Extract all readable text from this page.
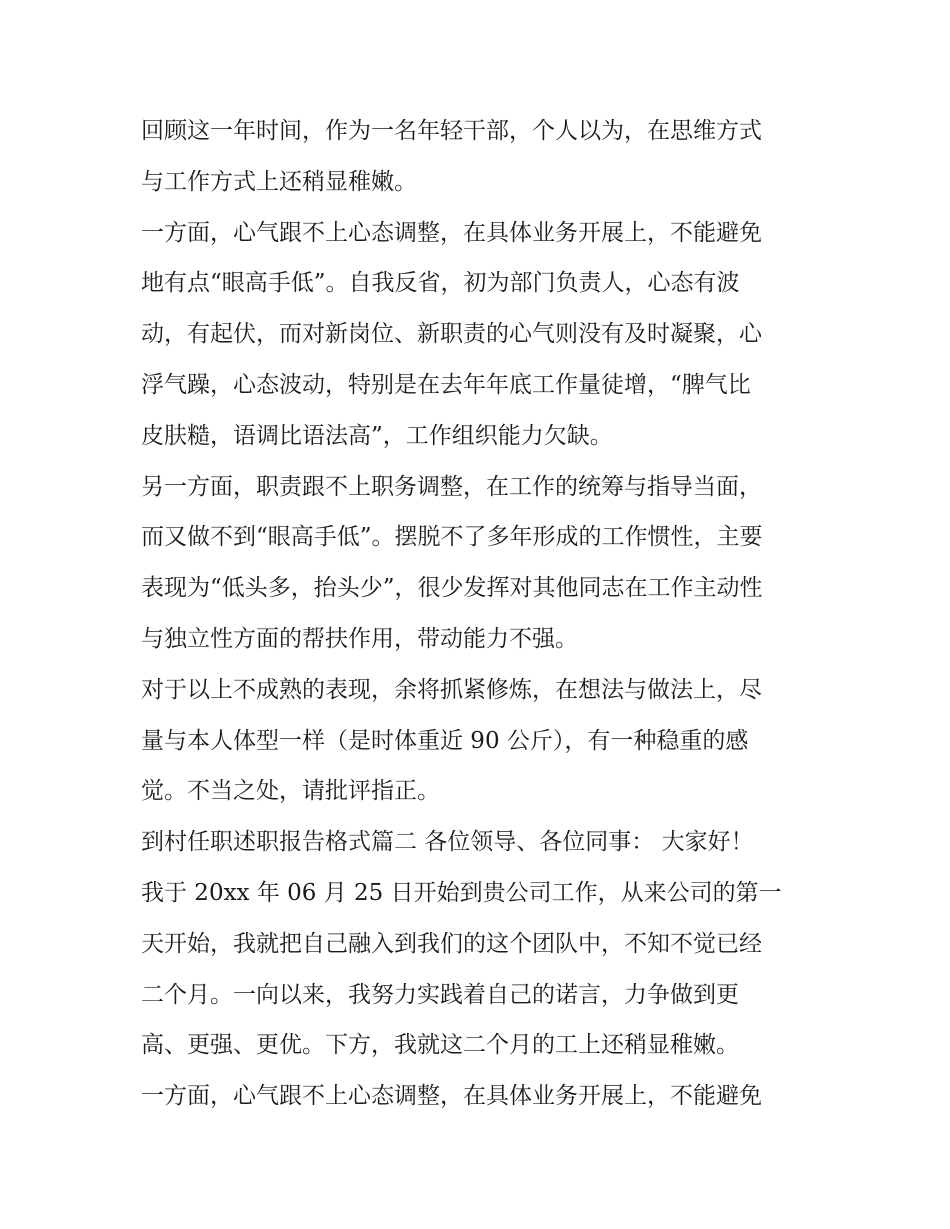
回顾这一年时间，作为一名年轻干部，个人以为，在思维方式
与工作方式上还稍显稚嫩。
一方面，心气跟不上心态调整，在具体业务开展上，不能避免
地有点“眼高手低”。自我反省，初为部门负责人，心态有波
动，有起伏，而对新岗位、新职责的心气则没有及时凝聚，心
浮气躁，心态波动，特别是在去年年底工作量徒增，“脾气比
皮肤糙，语调比语法高”，工作组织能力欠缺。
另一方面，职责跟不上职务调整，在工作的统筹与指导当面，
而又做不到“眼高手低”。摆脱不了多年形成的工作惯性，主要
表现为“低头多，抬头少”，很少发挥对其他同志在工作主动性
与独立性方面的帮扶作用，带动能力不强。
对于以上不成熟的表现，余将抓紧修炼，在想法与做法上，尽
量与本人体型一样（是时体重近 90 公斤），有一种稳重的感
觉。不当之处，请批评指正。
到村任职述职报告格式篇二 各位领导、各位同事： 大家好！
我于 20xx 年 06 月 25 日开始到贵公司工作，从来公司的第一
天开始，我就把自己融入到我们的这个团队中，不知不觉已经
二个月。一向以来，我努力实践着自己的诺言，力争做到更
高、更强、更优。下方，我就这二个月的工上还稍显稚嫩。
一方面，心气跟不上心态调整，在具体业务开展上，不能避免
